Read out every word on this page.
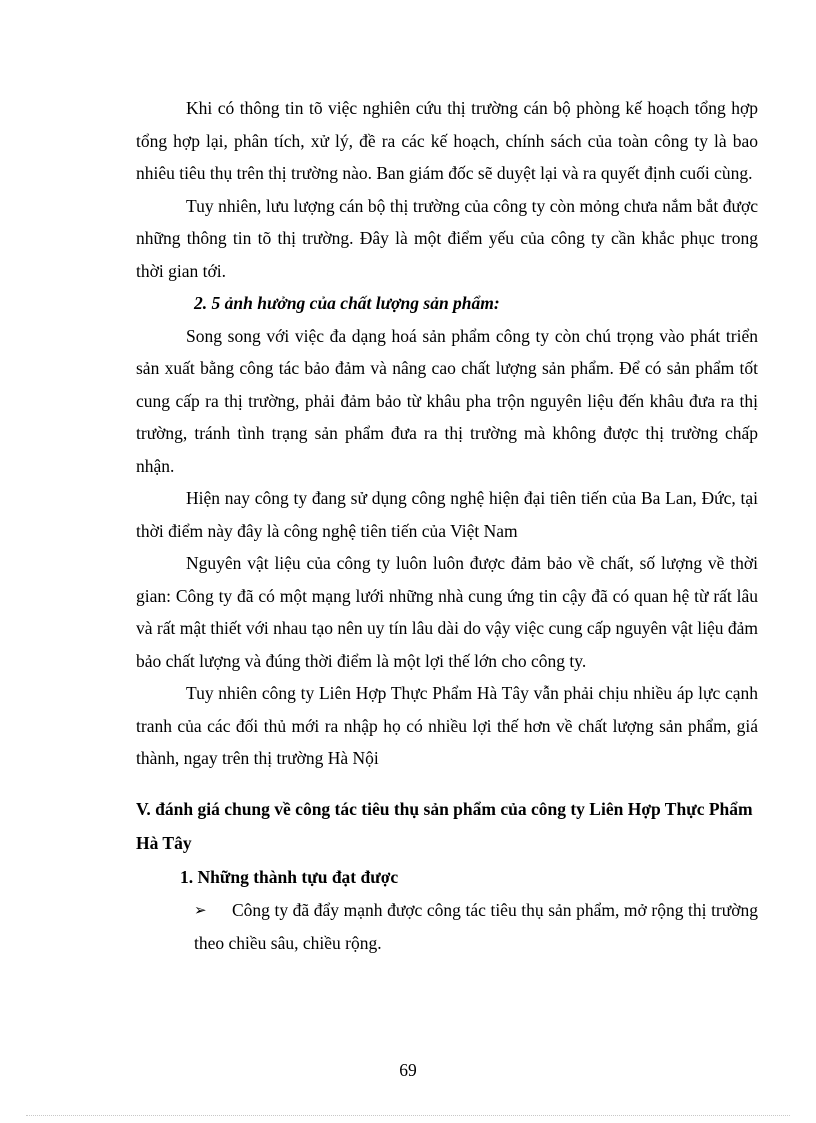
Khi có thông tin tõ việc nghiên cứu thị trường cán bộ phòng kế hoạch tổng hợp tổng hợp lại, phân tích, xử lý, đề ra các kế hoạch, chính sách của toàn công ty là bao nhiêu tiêu thụ trên thị trường nào. Ban giám đốc sẽ duyệt lại và ra quyết định cuối cùng.

Tuy nhiên, lưu lượng cán bộ thị trường của công ty còn mỏng chưa nắm bắt được những thông tin tõ thị trường. Đây là một điểm yếu của công ty cần khắc phục trong thời gian tới.

2. 5 ảnh hưởng của chất lượng sản phẩm:

Song song với việc đa dạng hoá sản phẩm công ty còn chú trọng vào phát triển sản xuất bằng công tác bảo đảm và nâng cao chất lượng sản phẩm. Để có sản phẩm tốt cung cấp ra thị trường, phải đảm bảo từ khâu pha trộn nguyên liệu đến khâu đưa ra thị trường, tránh tình trạng sản phẩm đưa ra thị trường mà không được thị trường chấp nhận.

Hiện nay công ty đang sử dụng công nghệ hiện đại tiên tiến của Ba Lan, Đức, tại thời điểm này đây là công nghệ tiên tiến của Việt Nam

Nguyên vật liệu của công ty luôn luôn được đảm bảo về chất, số lượng về thời gian: Công ty đã có một mạng lưới những nhà cung ứng tin cậy đã có quan hệ từ rất lâu và rất mật thiết với nhau tạo nên uy tín lâu dài do vậy việc cung cấp nguyên vật liệu đảm bảo chất lượng và đúng thời điểm là một lợi thế lớn cho công ty.

Tuy nhiên công ty Liên Hợp Thực Phẩm Hà Tây vẫn phải chịu nhiều áp lực cạnh tranh của các đối thủ mới ra nhập họ có nhiều lợi thế hơn về chất lượng sản phẩm, giá thành, ngay trên thị trường Hà Nội

V. đánh giá chung về công tác tiêu thụ sản phẩm của công ty Liên Hợp Thực Phẩm Hà Tây

1. Những thành tựu đạt được

➢	Công ty đã đẩy mạnh được công tác tiêu thụ sản phẩm, mở rộng thị trường theo chiều sâu, chiều rộng.

69
